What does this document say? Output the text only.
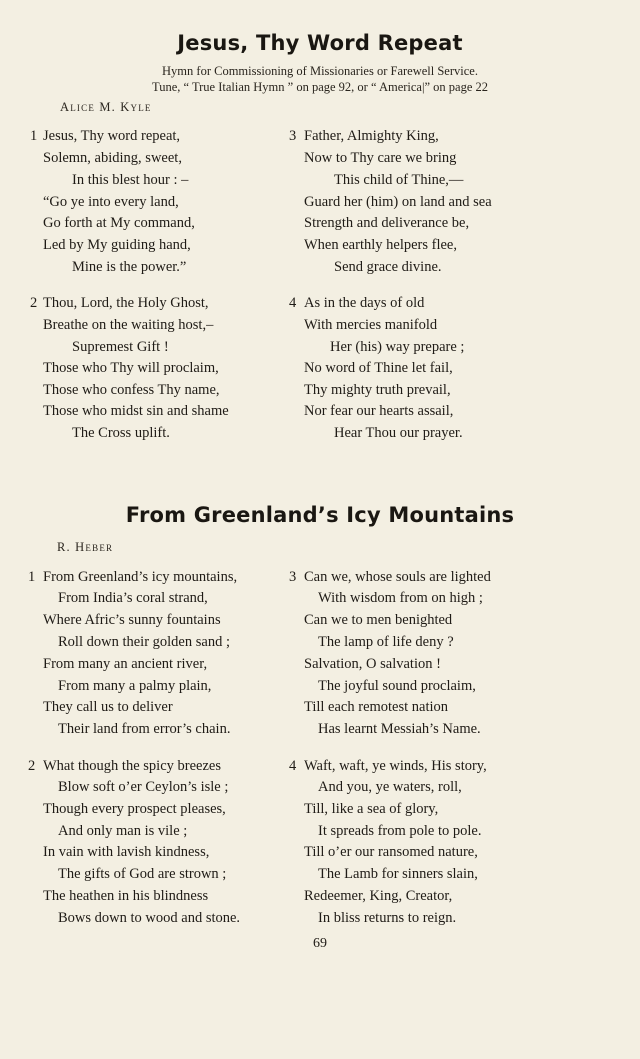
Jesus, Thy Word Repeat
Hymn for Commissioning of Missionaries or Farewell Service.
Tune, “ True Italian Hymn ” on page 92, or “ America|” on page 22
Alice M. Kyle
1 Jesus, Thy word repeat,
Solemn, abiding, sweet,
In this blest hour : –
“Go ye into every land,
Go forth at My command,
Led by My guiding hand,
Mine is the power.”
2 Thou, Lord, the Holy Ghost,
Breathe on the waiting host,–
Supremest Gift !
Those who Thy will proclaim,
Those who confess Thy name,
Those who midst sin and shame
The Cross uplift.
3 Father, Almighty King,
Now to Thy care we bring
This child of Thine,—
Guard her (him) on land and sea
Strength and deliverance be,
When earthly helpers flee,
Send grace divine.
4 As in the days of old
With mercies manifold
Her (his) way prepare ;
No word of Thine let fail,
Thy mighty truth prevail,
Nor fear our hearts assail,
Hear Thou our prayer.
From Greenland’s Icy Mountains
R. Heber
1 From Greenland’s icy mountains,
From India’s coral strand,
Where Afric’s sunny fountains
Roll down their golden sand ;
From many an ancient river,
From many a palmy plain,
They call us to deliver
Their land from error’s chain.
2 What though the spicy breezes
Blow soft o’er Ceylon’s isle ;
Though every prospect pleases,
And only man is vile ;
In vain with lavish kindness,
The gifts of God are strown ;
The heathen in his blindness
Bows down to wood and stone.
3 Can we, whose souls are lighted
With wisdom from on high ;
Can we to men benighted
The lamp of life deny ?
Salvation, O salvation !
The joyful sound proclaim,
Till each remotest nation
Has learnt Messiah’s Name.
4 Waft, waft, ye winds, His story,
And you, ye waters, roll,
Till, like a sea of glory,
It spreads from pole to pole.
Till o’er our ransomed nature,
The Lamb for sinners slain,
Redeemer, King, Creator,
In bliss returns to reign.
69
